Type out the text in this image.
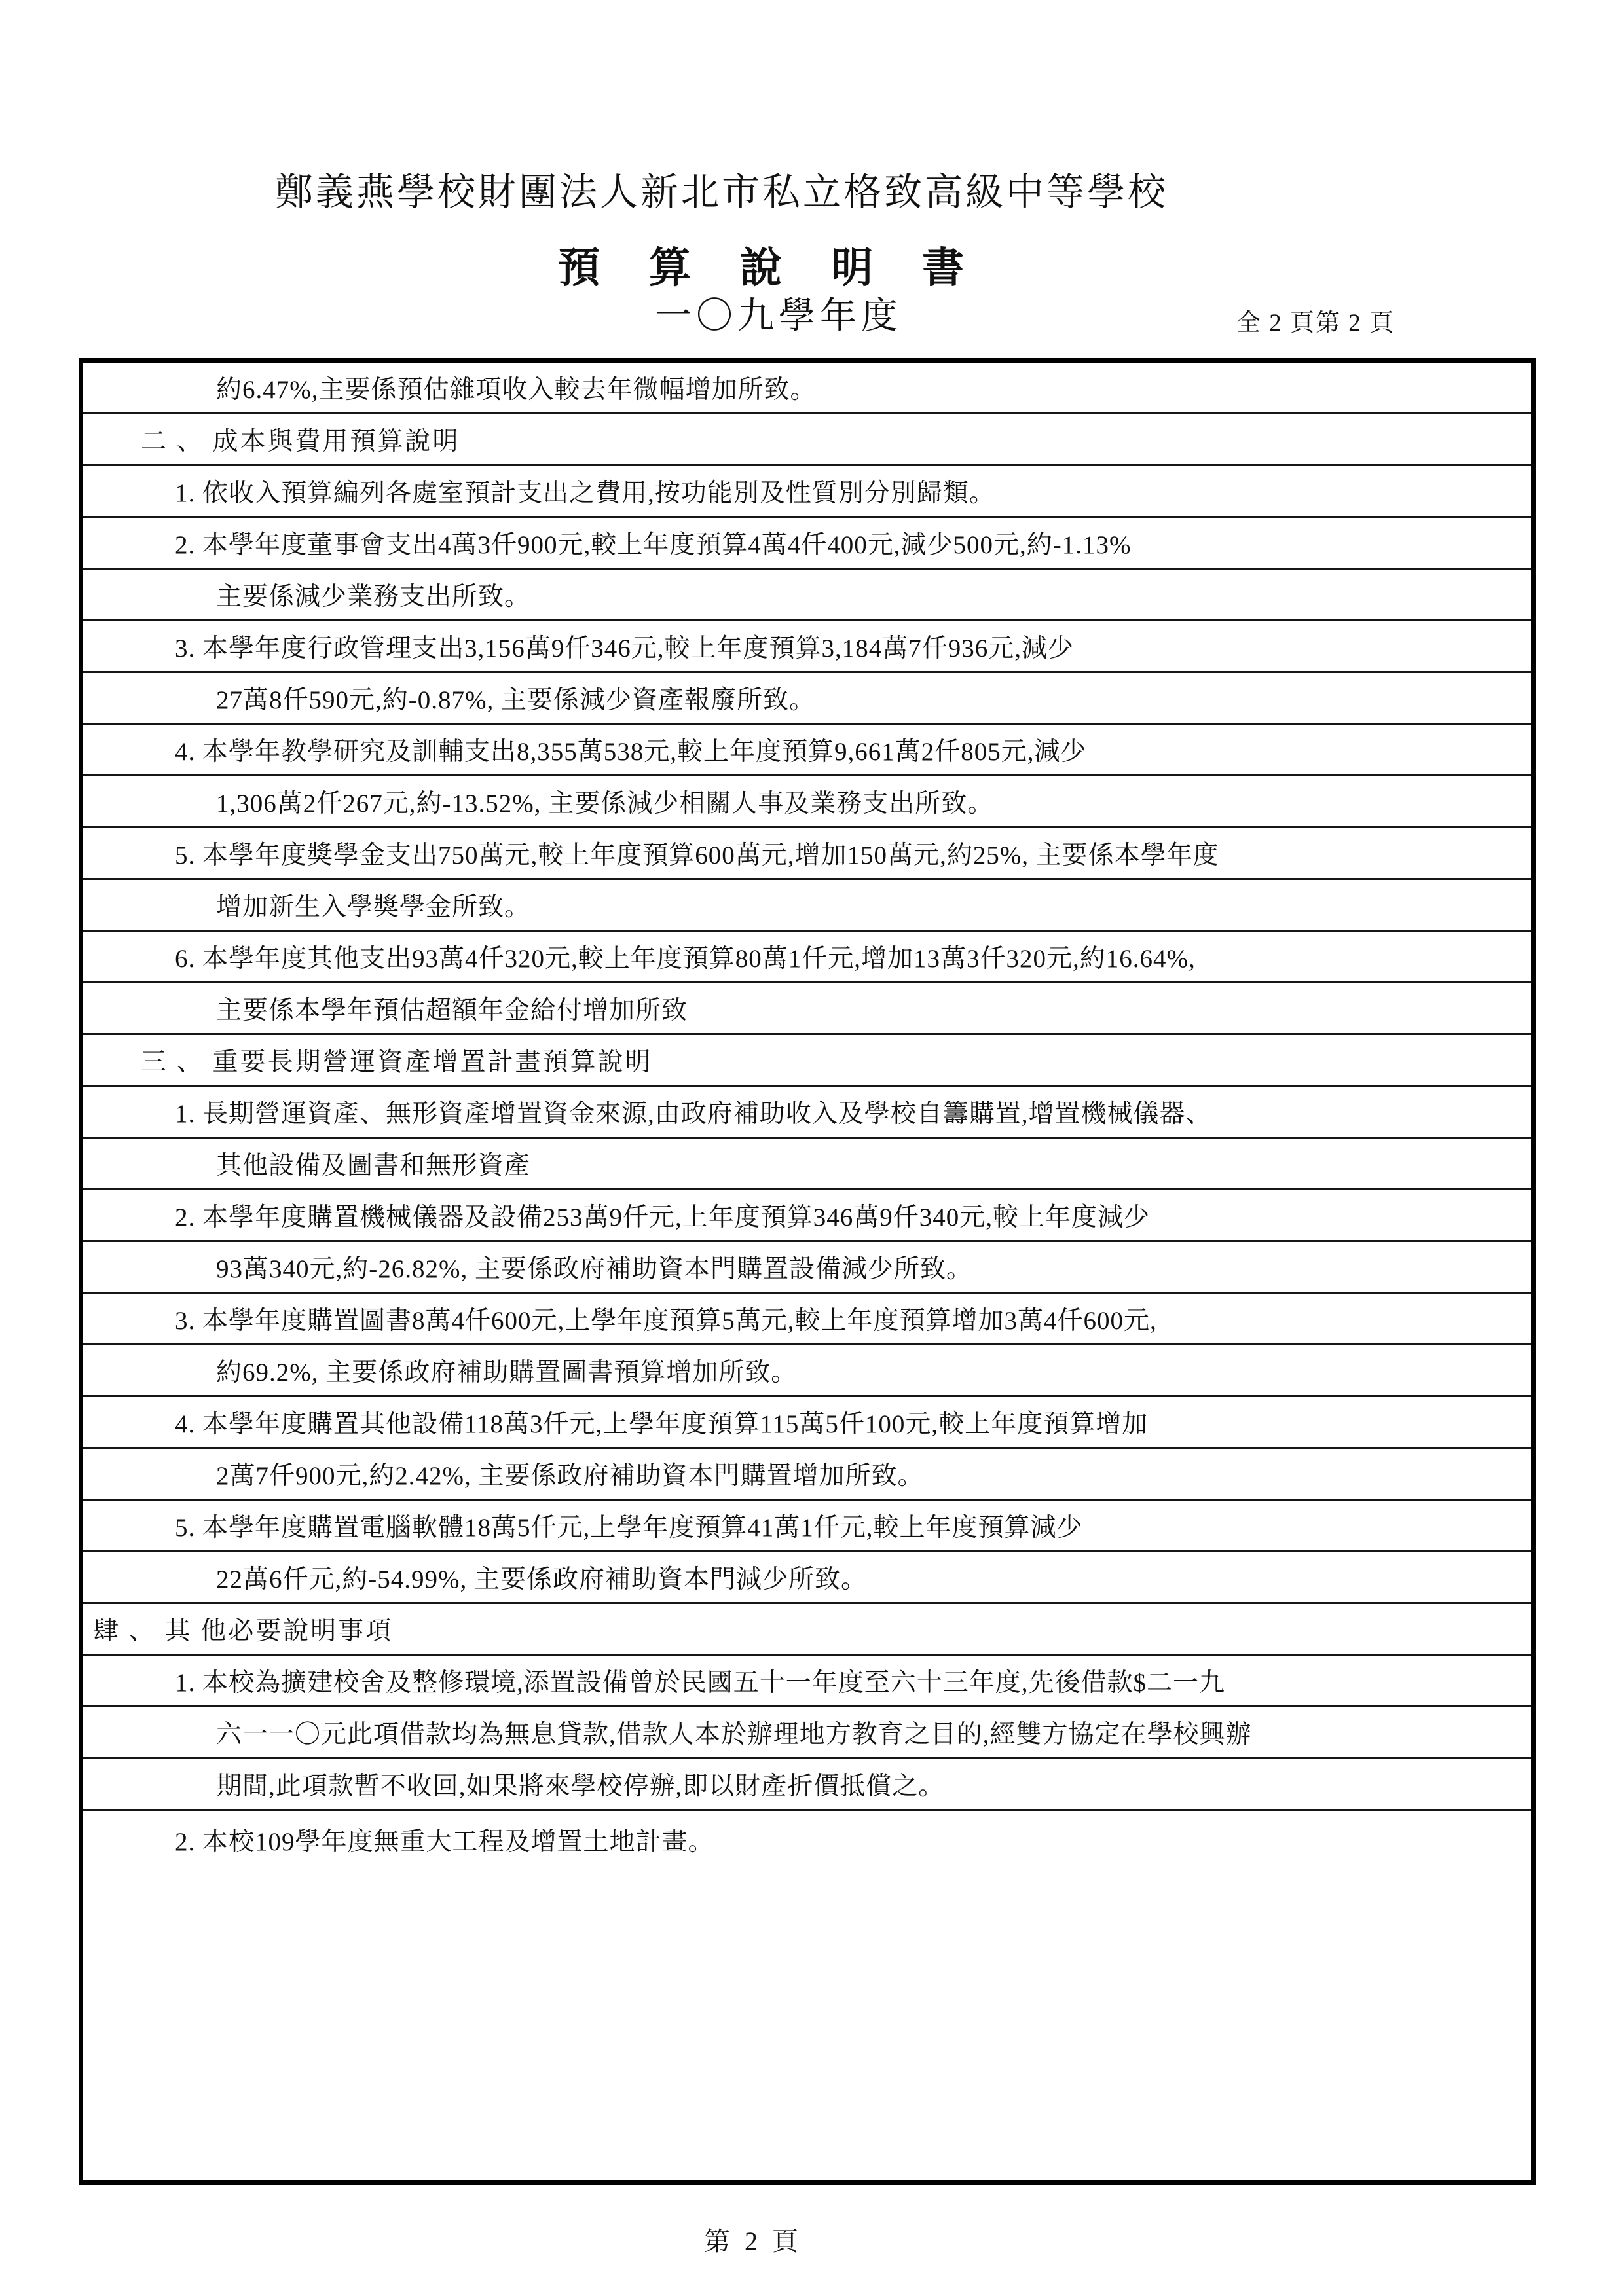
鄭義燕學校財團法人新北市私立格致高級中等學校
預算說明書
一〇九學年度	全 2 頁第 2 頁
約6.47%,主要係預估雜項收入較去年微幅增加所致。
二 、 成本與費用預算說明
1. 依收入預算編列各處室預計支出之費用,按功能別及性質別分別歸類。
2. 本學年度董事會支出4萬3仟900元,較上年度預算4萬4仟400元,減少500元,約-1.13%
主要係減少業務支出所致。
3. 本學年度行政管理支出3,156萬9仟346元,較上年度預算3,184萬7仟936元,減少
27萬8仟590元,約-0.87%, 主要係減少資產報廢所致。
4. 本學年教學研究及訓輔支出8,355萬538元,較上年度預算9,661萬2仟805元,減少
1,306萬2仟267元,約-13.52%, 主要係減少相關人事及業務支出所致。
5. 本學年度獎學金支出750萬元,較上年度預算600萬元,增加150萬元,約25%, 主要係本學年度
增加新生入學獎學金所致。
6. 本學年度其他支出93萬4仟320元,較上年度預算80萬1仟元,增加13萬3仟320元,約16.64%,
主要係本學年預估超額年金給付增加所致
三 、 重要長期營運資產增置計畫預算說明
1. 長期營運資產、無形資產增置資金來源,由政府補助收入及學校自籌購置,增置機械儀器、
其他設備及圖書和無形資產
2. 本學年度購置機械儀器及設備253萬9仟元,上年度預算346萬9仟340元,較上年度減少
93萬340元,約-26.82%, 主要係政府補助資本門購置設備減少所致。
3. 本學年度購置圖書8萬4仟600元,上學年度預算5萬元,較上年度預算增加3萬4仟600元,
約69.2%, 主要係政府補助購置圖書預算增加所致。
4. 本學年度購置其他設備118萬3仟元,上學年度預算115萬5仟100元,較上年度預算增加
2萬7仟900元,約2.42%, 主要係政府補助資本門購置增加所致。
5. 本學年度購置電腦軟體18萬5仟元,上學年度預算41萬1仟元,較上年度預算減少
22萬6仟元,約-54.99%, 主要係政府補助資本門減少所致。
肆 、 其 他必要說明事項
1. 本校為擴建校舍及整修環境,添置設備曾於民國五十一年度至六十三年度,先後借款$二一九
六一一〇元此項借款均為無息貸款,借款人本於辦理地方教育之目的,經雙方協定在學校興辦
期間,此項款暫不收回,如果將來學校停辦,即以財產折價抵償之。
2. 本校109學年度無重大工程及增置土地計畫。
第 2 頁
